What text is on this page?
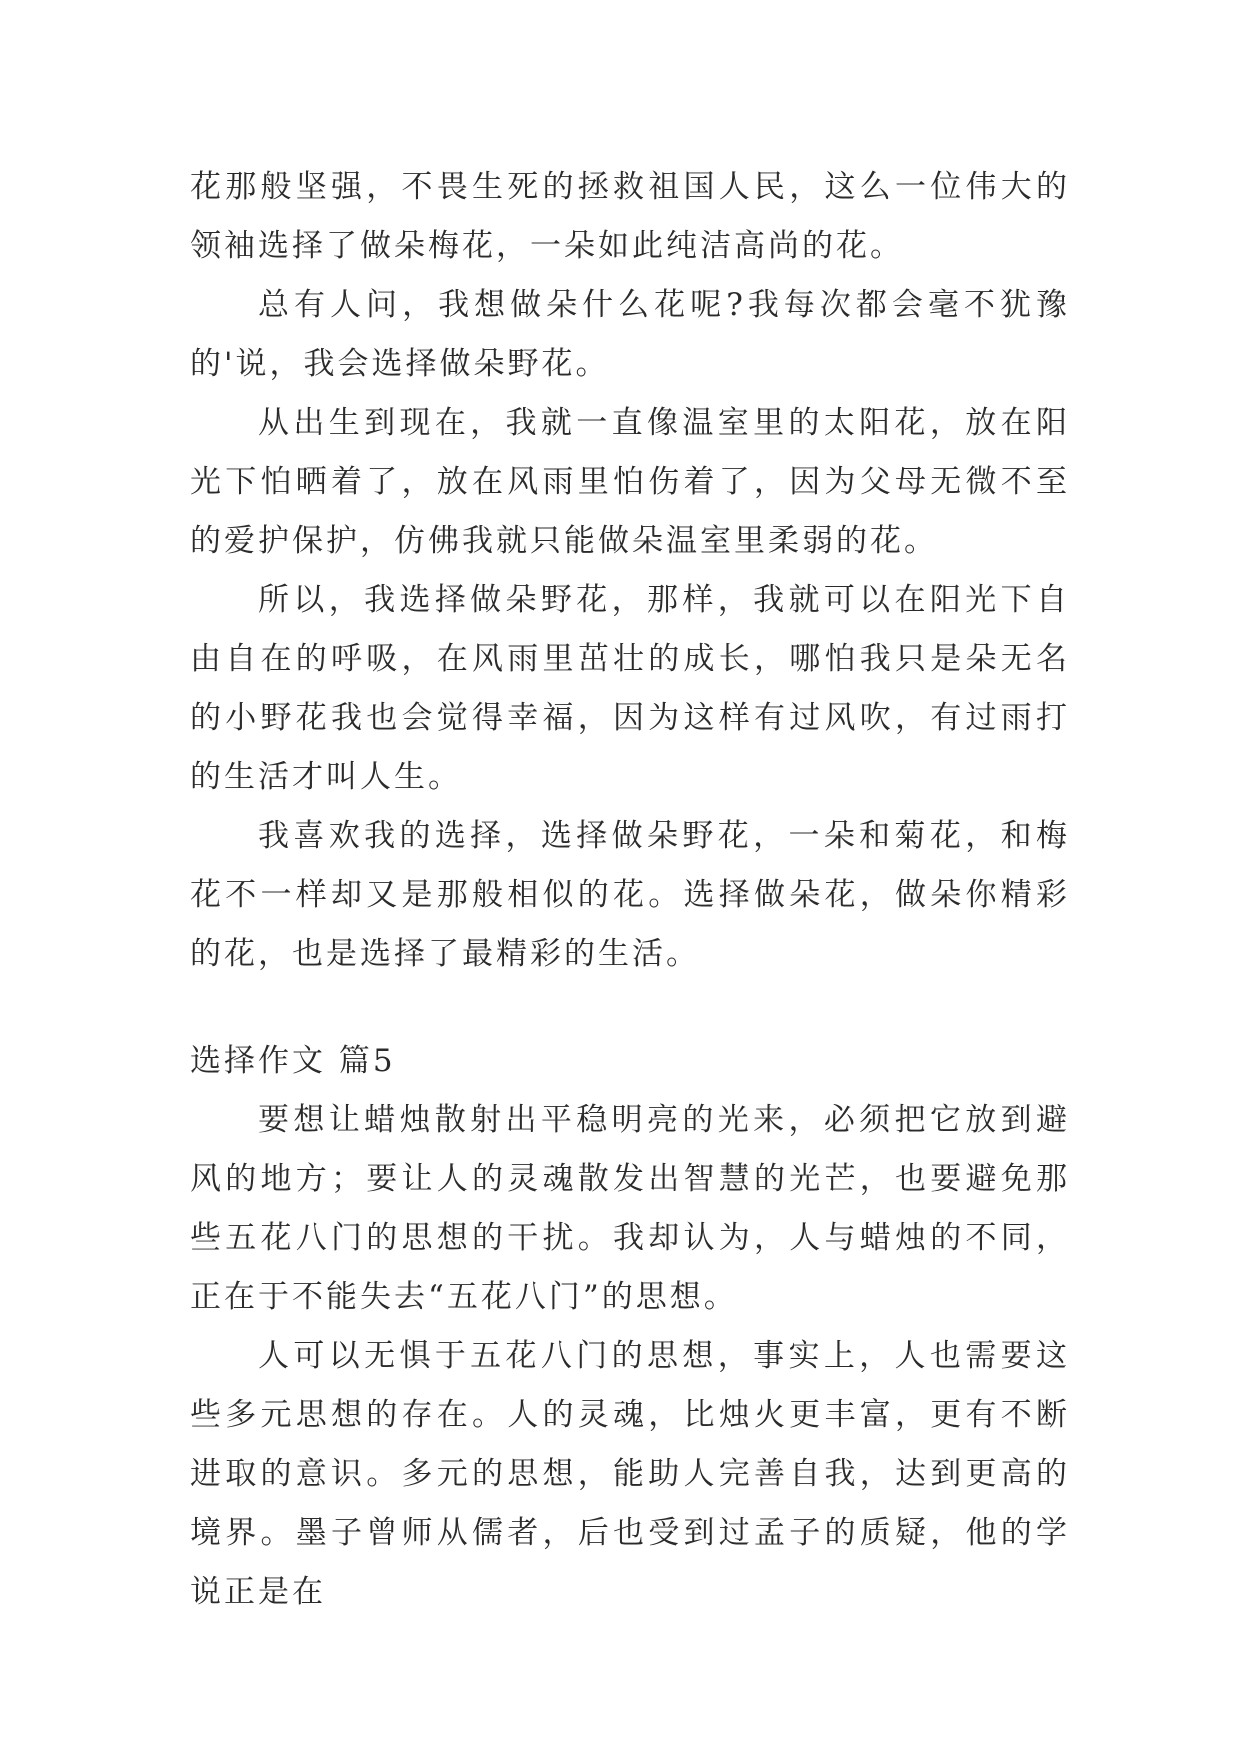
花那般坚强，不畏生死的拯救祖国人民，这么一位伟大的领袖选择了做朵梅花，一朵如此纯洁高尚的花。

总有人问，我想做朵什么花呢?我每次都会毫不犹豫的'说，我会选择做朵野花。

从出生到现在，我就一直像温室里的太阳花，放在阳光下怕晒着了，放在风雨里怕伤着了，因为父母无微不至的爱护保护，仿佛我就只能做朵温室里柔弱的花。

所以，我选择做朵野花，那样，我就可以在阳光下自由自在的呼吸，在风雨里茁壮的成长，哪怕我只是朵无名的小野花我也会觉得幸福，因为这样有过风吹，有过雨打的生活才叫人生。

我喜欢我的选择，选择做朵野花，一朵和菊花，和梅花不一样却又是那般相似的花。选择做朵花，做朵你精彩的花，也是选择了最精彩的生活。

选择作文 篇5

要想让蜡烛散射出平稳明亮的光来，必须把它放到避风的地方；要让人的灵魂散发出智慧的光芒，也要避免那些五花八门的思想的干扰。我却认为，人与蜡烛的不同，正在于不能失去“五花八门”的思想。

人可以无惧于五花八门的思想，事实上，人也需要这些多元思想的存在。人的灵魂，比烛火更丰富，更有不断进取的意识。多元的思想，能助人完善自我，达到更高的境界。墨子曾师从儒者，后也受到过孟子的质疑，他的学说正是在
